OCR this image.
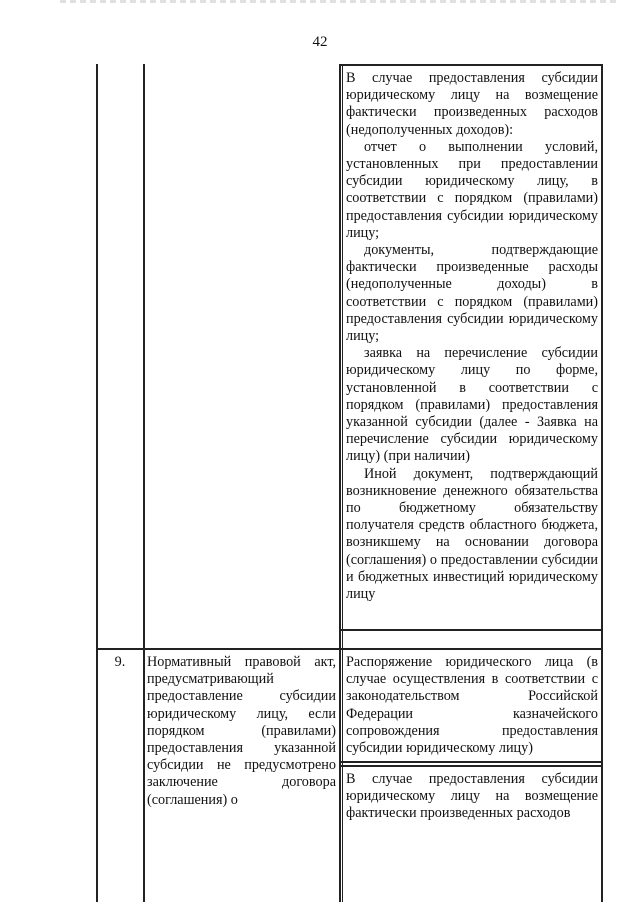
42

В случае предоставления субсидии юридическому лицу на возмещение фактически произведенных расходов (недополученных доходов):

отчет о выполнении условий, установленных при предоставлении субсидии юридическому лицу, в соответствии с порядком (правилами) предоставления субсидии юридическому лицу;

документы, подтверждающие фактически произведенные расходы (недополученные доходы) в соответствии с порядком (правилами) предоставления субсидии юридическому лицу;

заявка на перечисление субсидии юридическому лицу по форме, установленной в соответствии с порядком (правилами) предоставления указанной субсидии (далее - Заявка на перечисление субсидии юридическому лицу) (при наличии)

Иной документ, подтверждающий возникновение денежного обязательства по бюджетному обязательству получателя средств областного бюджета, возникшему на основании договора (соглашения) о предоставлении субсидии и бюджетных инвестиций юридическому лицу

9.	Нормативный правовой акт, предусматривающий предоставление субсидии юридическому лицу, если порядком (правилами) предоставления указанной субсидии не предусмотрено заключение договора (соглашения) о

Распоряжение юридического лица (в случае осуществления в соответствии с законодательством Российской Федерации казначейского сопровождения предоставления субсидии юридическому лицу)

В случае предоставления субсидии юридическому лицу на возмещение фактически произведенных расходов
